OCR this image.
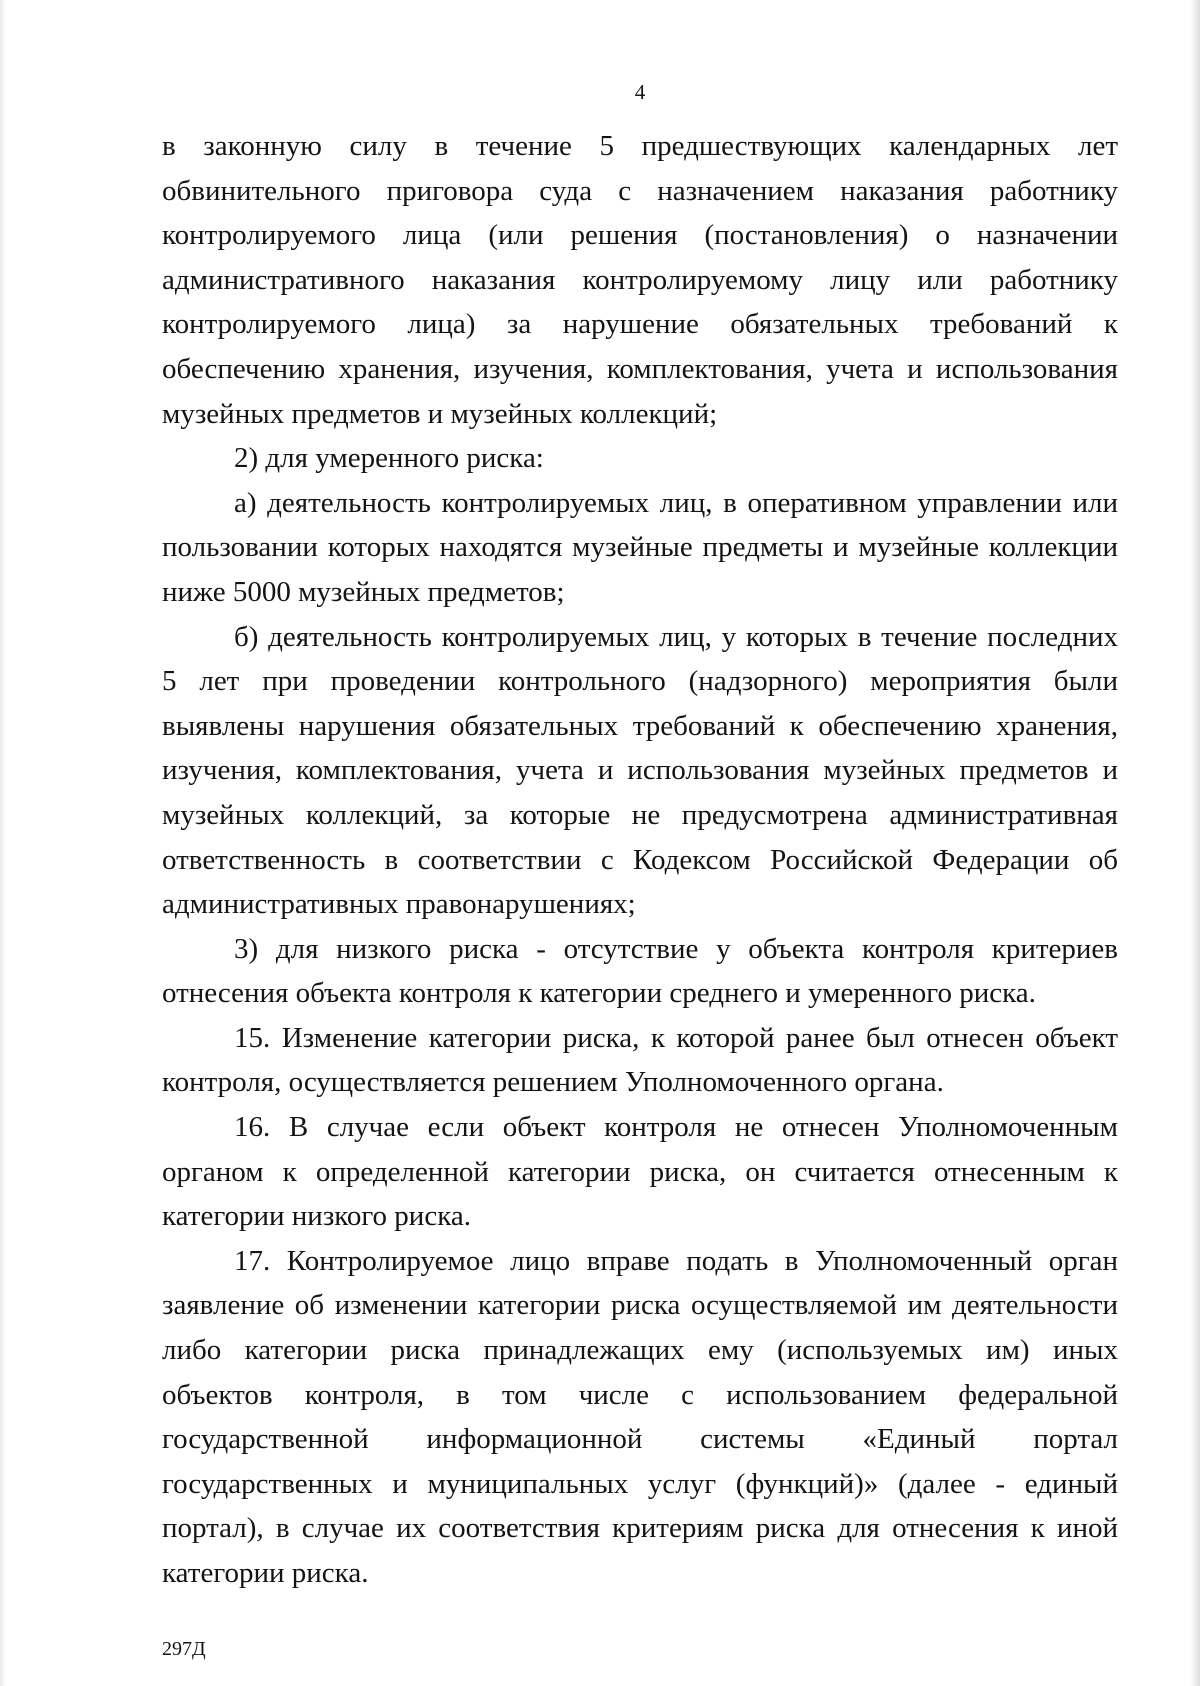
4

в законную силу в течение 5 предшествующих календарных лет обвинительного приговора суда с назначением наказания работнику контролируемого лица (или решения (постановления) о назначении административного наказания контролируемому лицу или работнику контролируемого лица) за нарушение обязательных требований к обеспечению хранения, изучения, комплектования, учета и использования музейных предметов и музейных коллекций;

2) для умеренного риска:

а) деятельность контролируемых лиц, в оперативном управлении или пользовании которых находятся музейные предметы и музейные коллекции ниже 5000 музейных предметов;

б) деятельность контролируемых лиц, у которых в течение последних 5 лет при проведении контрольного (надзорного) мероприятия были выявлены нарушения обязательных требований к обеспечению хранения, изучения, комплектования, учета и использования музейных предметов и музейных коллекций, за которые не предусмотрена административная ответственность в соответствии с Кодексом Российской Федерации об административных правонарушениях;

3) для низкого риска - отсутствие у объекта контроля критериев отнесения объекта контроля к категории среднего и умеренного риска.

15. Изменение категории риска, к которой ранее был отнесен объект контроля, осуществляется решением Уполномоченного органа.

16. В случае если объект контроля не отнесен Уполномоченным органом к определенной категории риска, он считается отнесенным к категории низкого риска.

17. Контролируемое лицо вправе подать в Уполномоченный орган заявление об изменении категории риска осуществляемой им деятельности либо категории риска принадлежащих ему (используемых им) иных объектов контроля, в том числе с использованием федеральной государственной информационной системы «Единый портал государственных и муниципальных услуг (функций)» (далее - единый портал), в случае их соответствия критериям риска для отнесения к иной категории риска.

297Д
